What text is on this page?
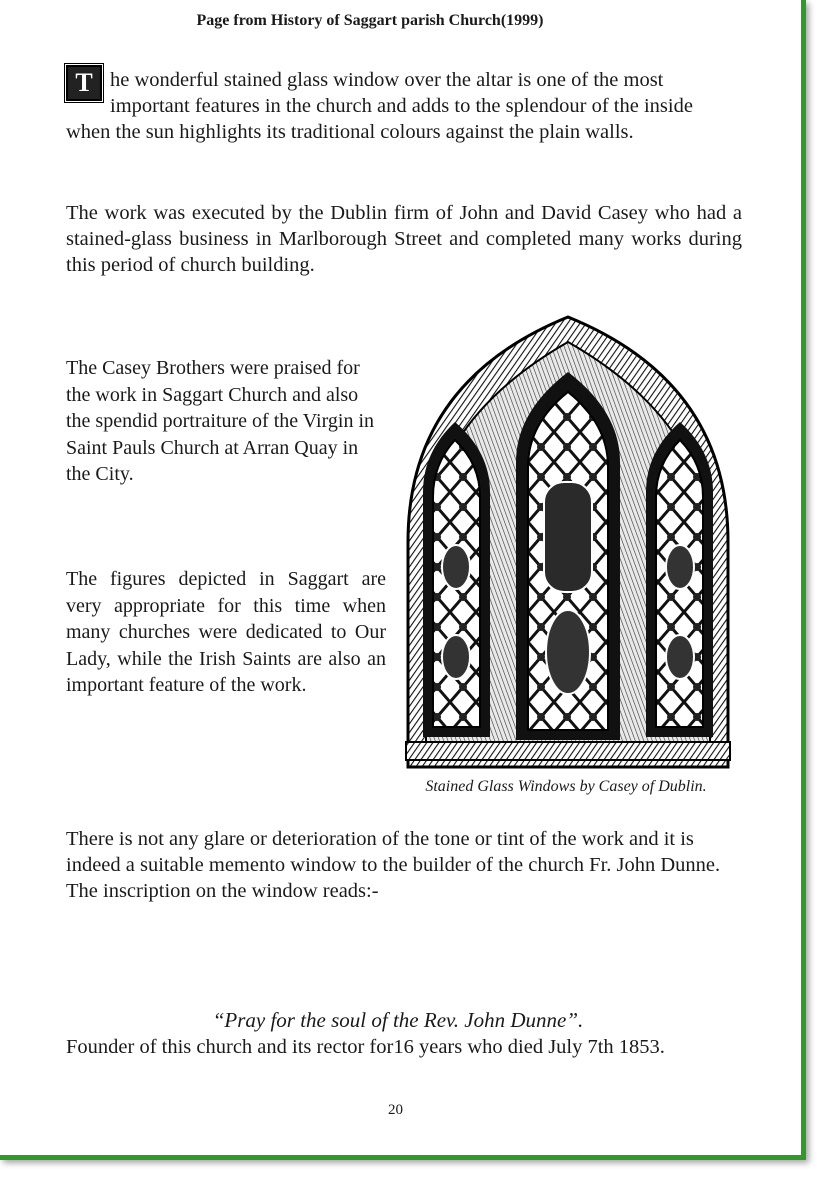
Page from History of Saggart parish Church(1999)

T he wonderful stained glass window over the altar is one of the most important features in the church and adds to the splendour of the inside when the sun highlights its traditional colours against the plain walls.

The work was executed by the Dublin firm of John and David Casey who had a stained-glass business in Marlborough Street and completed many works during this period of church building.

The Casey Brothers were praised for the work in Saggart Church and also the spendid portraiture of the Virgin in Saint Pauls Church at Arran Quay in the City.

The figures depicted in Saggart are very appropriate for this time when many churches were dedicated to Our Lady, while the Irish Saints are also an important feature of the work.

Stained Glass Windows by Casey of Dublin.

There is not any glare or deterioration of the tone or tint of the work and it is indeed a suitable memento window to the builder of the church Fr. John Dunne. The inscription on the window reads:-

“Pray for the soul of the Rev. John Dunne”.
Founder of this church and its rector for16 years who died July 7th 1853.
20
